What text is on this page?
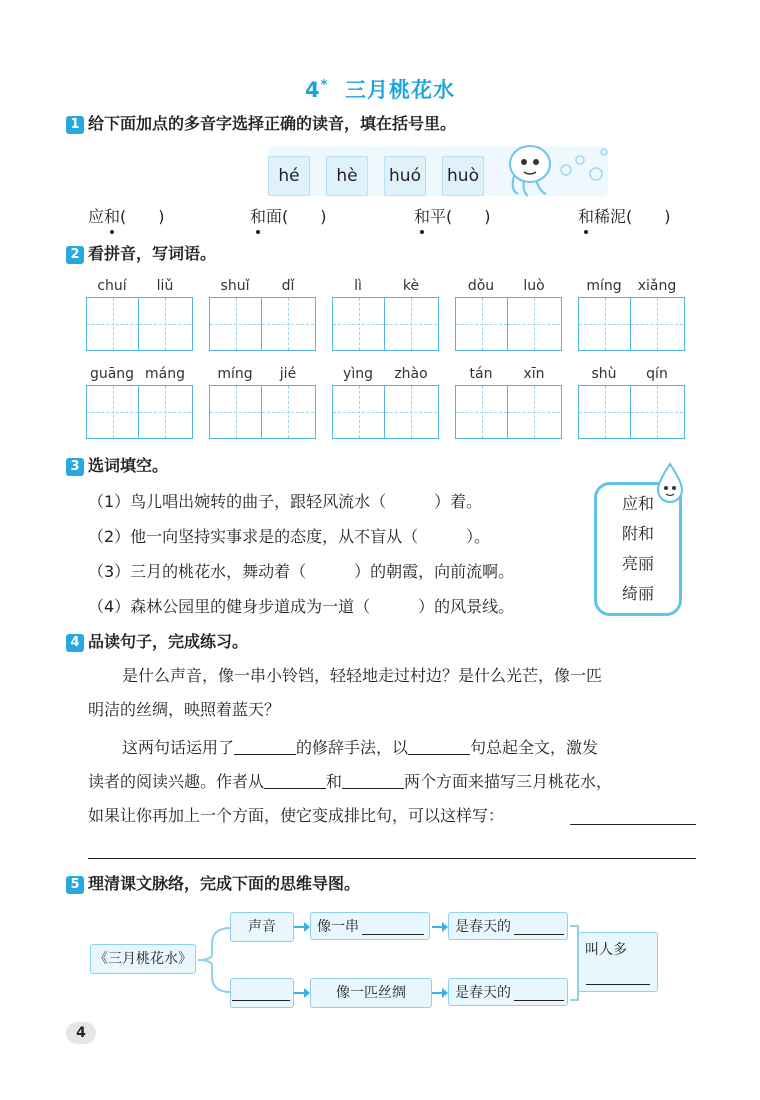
4* 三月桃花水
1 给下面加点的多音字选择正确的读音，填在括号里。
hé	hè	huó huò
应和(　　)	和面(　　)	和平(　　)	和稀泥(　　)
2 看拼音，写词语。
chuí	liǔ	shuǐ	dǐ	lì	kè	dǒu	luò	míng	xiǎng
guāng máng	míng	jié	yìng	zhào	tán	xīn	shù	qín
3 选词填空。
（1）鸟儿唱出婉转的曲子，跟轻风流水（　　　）着。
（2）他一向坚持实事求是的态度，从不盲从（　　　）。
（3）三月的桃花水，舞动着（　　　）的朝霞，向前流啊。
（4）森林公园里的健身步道成为一道（　　　）的风景线。
应和
附和
亮丽
绮丽
4 品读句子，完成练习。
是什么声音，像一串小铃铛，轻轻地走过村边？是什么光芒，像一匹
明洁的丝绸，映照着蓝天？
这两句话运用了	的修辞手法，以	句总起全文，激发
读者的阅读兴趣。作者从	和	两个方面来描写三月桃花水，
如果让你再加上一个方面，使它变成排比句，可以这样写：
5 理清课文脉络，完成下面的思维导图。
《三月桃花水》
声音	像一串	是春天的
像一匹丝绸	是春天的
叫人多
4
